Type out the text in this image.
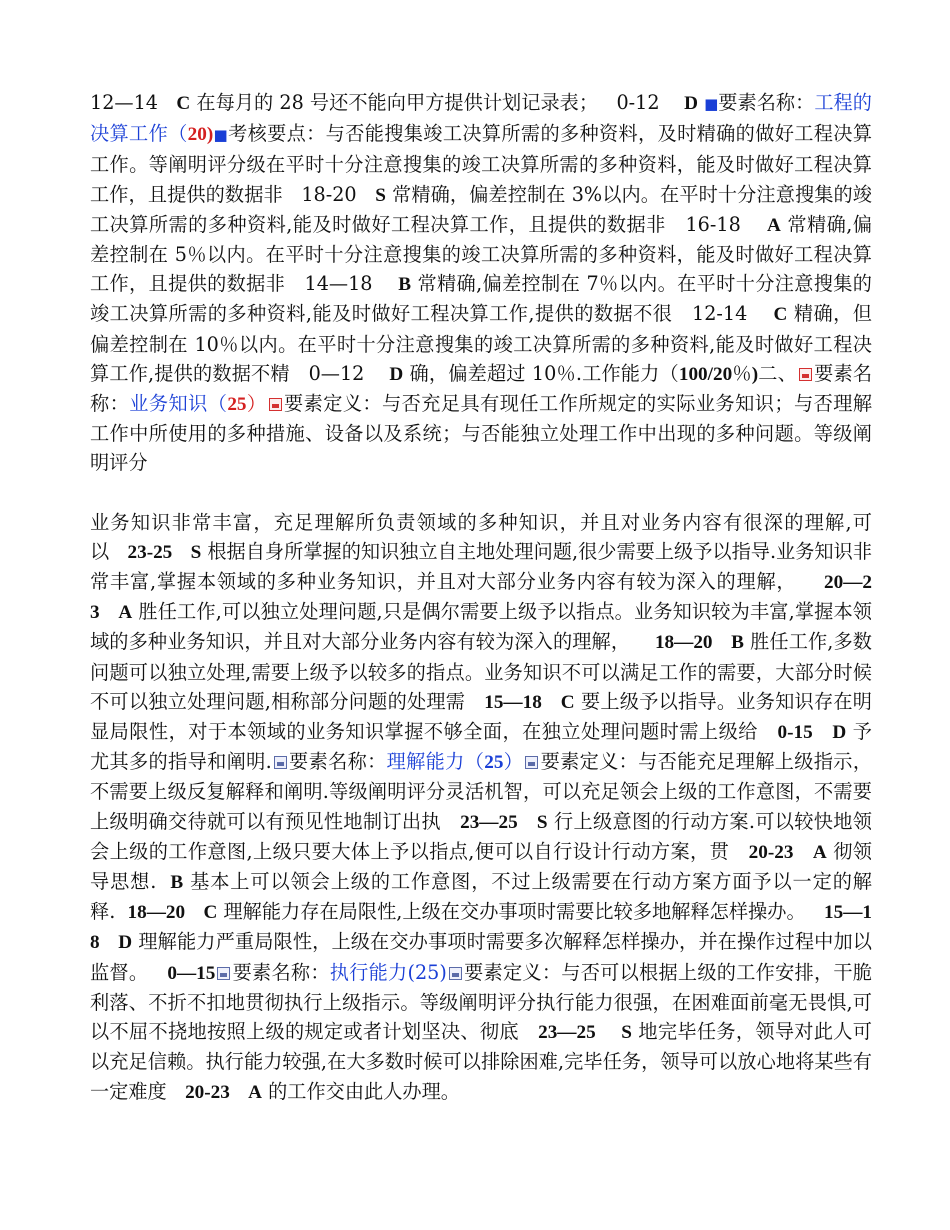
12—14 C 在每月的 28 号还不能向甲方提供计划记录表； 0-12 D ■要素名称：工程的决算工作（20)■考核要点：与否能搜集竣工决算所需的多种资料，及时精确的做好工程决算工作。等阐明评分级在平时十分注意搜集的竣工决算所需的多种资料，能及时做好工程决算工作，且提供的数据非 18-20 S 常精确，偏差控制在 3%以内。在平时十分注意搜集的竣工决算所需的多种资料,能及时做好工程决算工作，且提供的数据非 16-18 A 常精确,偏差控制在 5％以内。在平时十分注意搜集的竣工决算所需的多种资料，能及时做好工程决算工作，且提供的数据非 14—18 B 常精确,偏差控制在 7％以内。在平时十分注意搜集的竣工决算所需的多种资料,能及时做好工程决算工作,提供的数据不很 12-14 C 精确，但偏差控制在 10％以内。在平时十分注意搜集的竣工决算所需的多种资料,能及时做好工程决算工作,提供的数据不精 0—12 D 确，偏差超过 10％.工作能力（100/20％)二、 要素名称：业务知识（25） 要素定义：与否充足具有现任工作所规定的实际业务知识；与否理解工作中所使用的多种措施、设备以及系统；与否能独立处理工作中出现的多种问题。等级阐明评分

业务知识非常丰富，充足理解所负责领域的多种知识，并且对业务内容有很深的理解,可以 23-25 S 根据自身所掌握的知识独立自主地处理问题,很少需要上级予以指导.业务知识非常丰富,掌握本领域的多种业务知识，并且对大部分业务内容有较为深入的理解， 20—23 A 胜任工作,可以独立处理问题,只是偶尔需要上级予以指点。业务知识较为丰富,掌握本领域的多种业务知识，并且对大部分业务内容有较为深入的理解， 18—20 B 胜任工作,多数问题可以独立处理,需要上级予以较多的指点。业务知识不可以满足工作的需要，大部分时候不可以独立处理问题,相称部分问题的处理需 15—18 C 要上级予以指导。业务知识存在明显局限性，对于本领域的业务知识掌握不够全面，在独立处理问题时需上级给 0-15 D 予尤其多的指导和阐明. 要素名称：理解能力（25） 要素定义：与否能充足理解上级指示，不需要上级反复解释和阐明.等级阐明评分灵活机智，可以充足领会上级的工作意图，不需要上级明确交待就可以有预见性地制订出执 23—25 S 行上级意图的行动方案.可以较快地领会上级的工作意图,上级只要大体上予以指点,便可以自行设计行动方案，贯 20-23 A 彻领导思想. B 基本上可以领会上级的工作意图，不过上级需要在行动方案方面予以一定的解释. 18—20 C 理解能力存在局限性,上级在交办事项时需要比较多地解释怎样操办。 15—18 D 理解能力严重局限性，上级在交办事项时需要多次解释怎样操办，并在操作过程中加以监督。 0—15 要素名称：执行能力(25) 要素定义：与否可以根据上级的工作安排，干脆利落、不折不扣地贯彻执行上级指示。等级阐明评分执行能力很强，在困难面前毫无畏惧,可以不屈不挠地按照上级的规定或者计划坚决、彻底 23—25 S 地完毕任务，领导对此人可以充足信赖。执行能力较强,在大多数时候可以排除困难,完毕任务，领导可以放心地将某些有一定难度 20-23 A 的工作交由此人办理。
